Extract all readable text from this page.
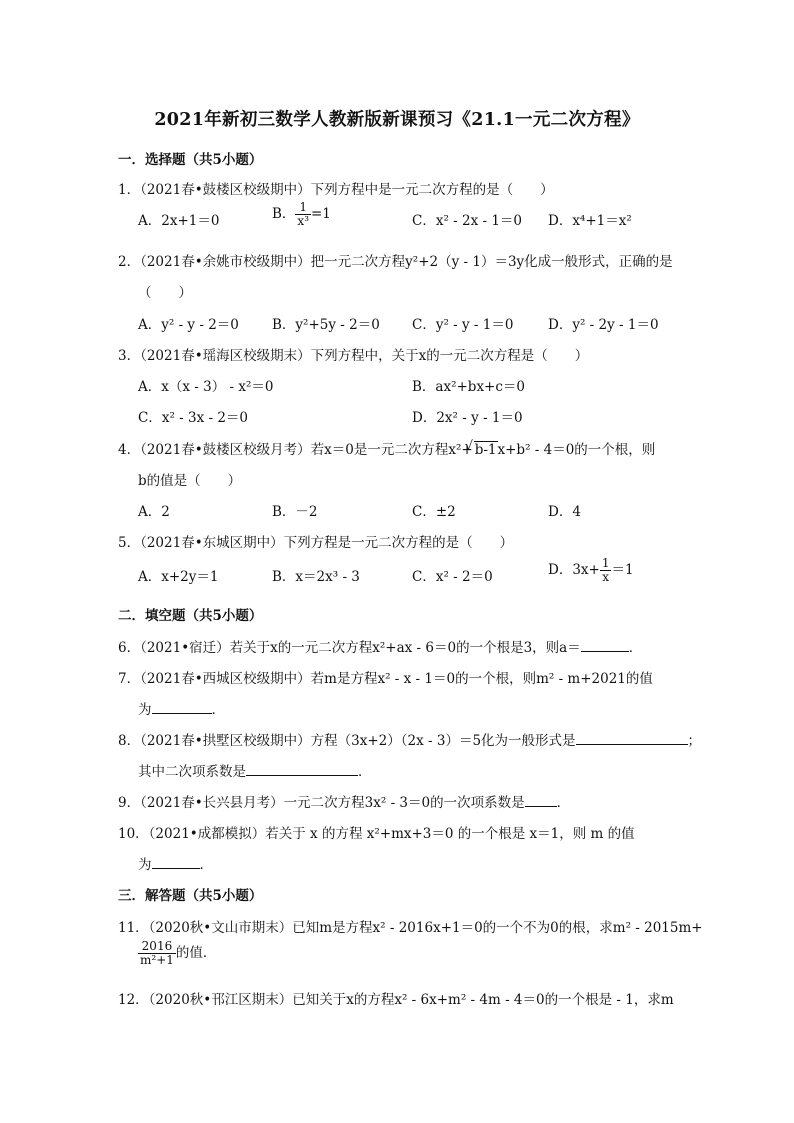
2021年新初三数学人教新版新课预习《21.1一元二次方程》
一．选择题（共5小题）
1．（2021春•鼓楼区校级期中）下列方程中是一元二次方程的是（　　）
A．2x+1＝0	B． $\frac{1}{\text{x³}} =1$	C．x² - 2x - 1＝0 D．x⁴+1＝x²
2．（2021春•余姚市校级期中）把一元二次方程y²+2（y - 1）＝3y化成一般形式，正确的是
（　　）
A．y² - y - 2＝0 B．y²+5y - 2＝0 C．y² - y - 1＝0	D．y² - 2y - 1＝0
3．（2021春•瑶海区校级期末）下列方程中，关于x的一元二次方程是（　　）
A．x（x - 3） - x²＝0	B．ax²+bx+c＝0
C．x² - 3x - 2＝0	D．2x² - y - 1＝0
4．（2021春•鼓楼区校级月考）若x＝0是一元二次方程x²+√ b-1x+b² - 4＝0的一个根，则
b的值是（　　）
A．2	B．－2	C．±2	D．4
5．（2021春•东城区期中）下列方程是一元二次方程的是（　　）
A．x+2y＝1	B．x＝2x³ - 3	C．x² - 2＝0	D．$3x+ \frac{1}{x} =1$
二．填空题（共5小题）
6．（2021•宿迁）若关于x的一元二次方程x²+ax - 6＝0的一个根是3，则a＝	．
7．（2021春•西城区校级期中）若m是方程x² - x - 1＝0的一个根，则m² - m+2021的值
为	．
8．（2021春•拱墅区校级期中）方程（3x+2）（2x - 3）＝5化为一般形式是	；
其中二次项系数是	．
9．（2021春•长兴县月考）一元二次方程3x² - 3＝0的一次项系数是 ．
10．（2021•成都模拟）若关于 x 的方程 x²+mx+3＝0 的一个根是 x＝1，则 m 的值
为	．
三．解答题（共5小题）
11．（2020秋•文山市期末）已知m是方程x² - 2016x+1＝0的一个不为0的根，求m² - 2015m+
$\frac{2016}{\text{m²+1}}$ 的值．
12．（2020秋•邗江区期末）已知关于x的方程x² - 6x+m² - 4m - 4＝0的一个根是 - 1，求m
